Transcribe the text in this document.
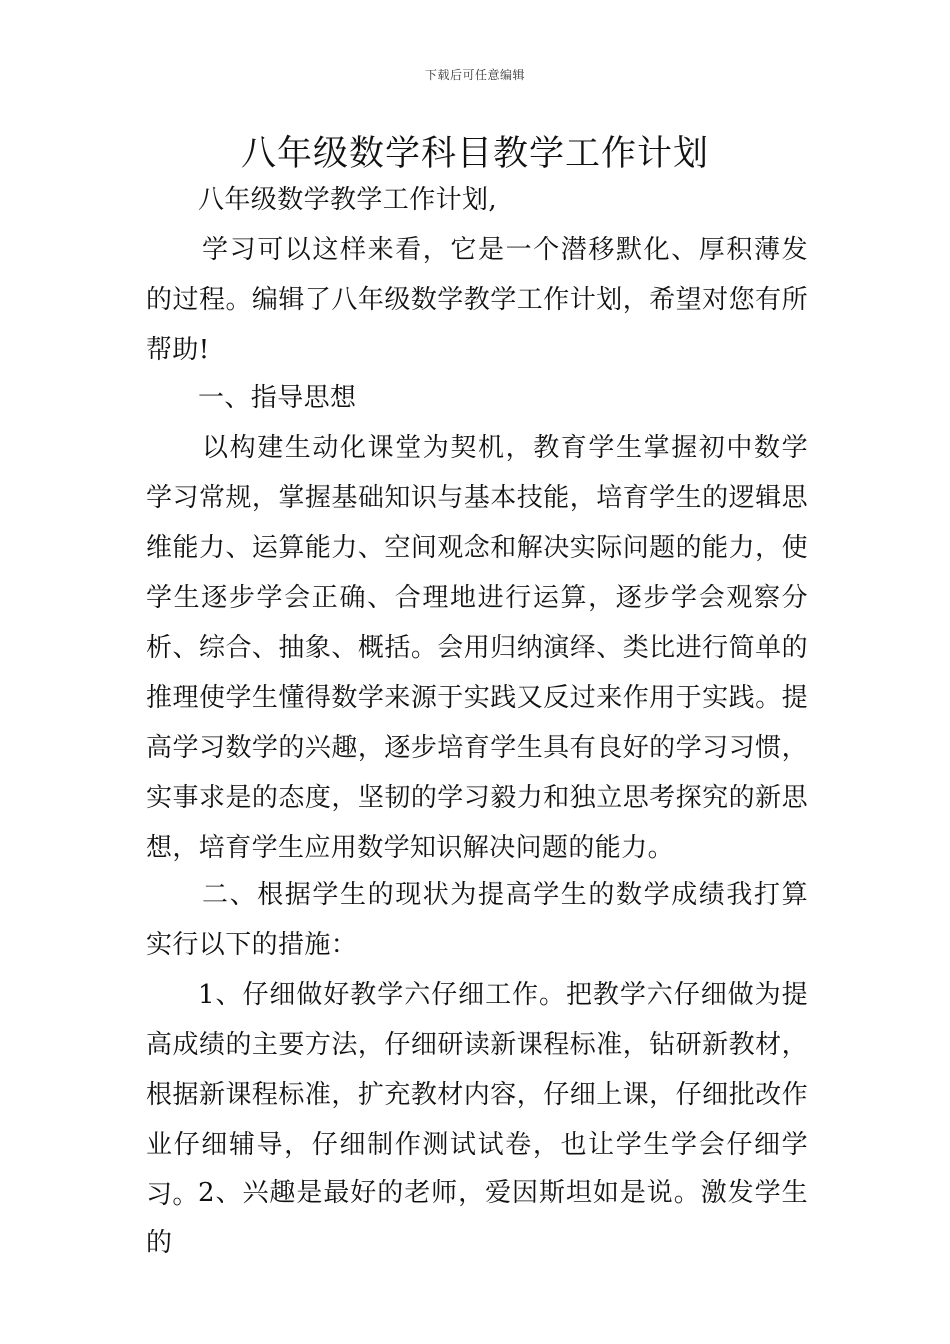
下载后可任意编辑
八年级数学科目教学工作计划

八年级数学教学工作计划,

学习可以这样来看，它是一个潜移默化、厚积薄发的过程。编辑了八年级数学教学工作计划，希望对您有所帮助!

一、指导思想

以构建生动化课堂为契机，教育学生掌握初中数学学习常规，掌握基础知识与基本技能，培育学生的逻辑思维能力、运算能力、空间观念和解决实际问题的能力，使学生逐步学会正确、合理地进行运算，逐步学会观察分析、综合、抽象、概括。会用归纳演绎、类比进行简单的推理使学生懂得数学来源于实践又反过来作用于实践。提高学习数学的兴趣，逐步培育学生具有良好的学习习惯，实事求是的态度，坚韧的学习毅力和独立思考探究的新思想，培育学生应用数学知识解决问题的能力。

二、根据学生的现状为提高学生的数学成绩我打算实行以下的措施：

1、仔细做好教学六仔细工作。把教学六仔细做为提高成绩的主要方法，仔细研读新课程标准，钻研新教材，根据新课程标准，扩充教材内容，仔细上课，仔细批改作业仔细辅导，仔细制作测试试卷，也让学生学会仔细学习。 2、兴趣是最好的老师，爱因斯坦如是说。激发学生的
